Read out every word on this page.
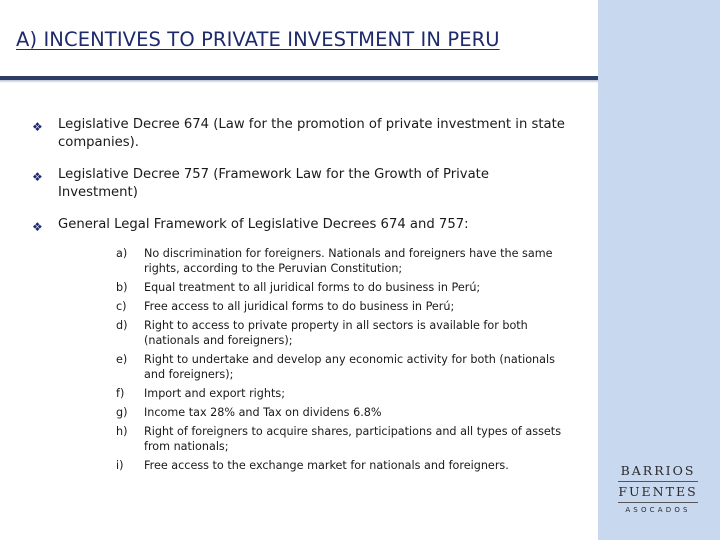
A) INCENTIVES TO PRIVATE INVESTMENT IN PERU
❖	Legislative Decree 674 (Law for the promotion of private investment in state companies).
❖	Legislative Decree 757 (Framework Law for the Growth of Private Investment)
❖	General Legal Framework of Legislative Decrees 674 and 757:
a)	No discrimination for foreigners. Nationals and foreigners have the same rights, according to the Peruvian Constitution;
b)	Equal treatment to all juridical forms to do business in Perú;
c)	Free access to all juridical forms to do business in Perú;
d)	Right to access to private property in all sectors is available for both (nationals and foreigners);
e)	Right to undertake and develop any economic activity for both (nationals and foreigners);
f)	Import and export rights;
g)	Income tax 28% and Tax on dividens 6.8%
h)	Right of foreigners to acquire shares, participations and all types of assets from nationals;
i)	Free access to the exchange market for nationals and foreigners.	BARRIOS
FUENTES
ASOCADOS
